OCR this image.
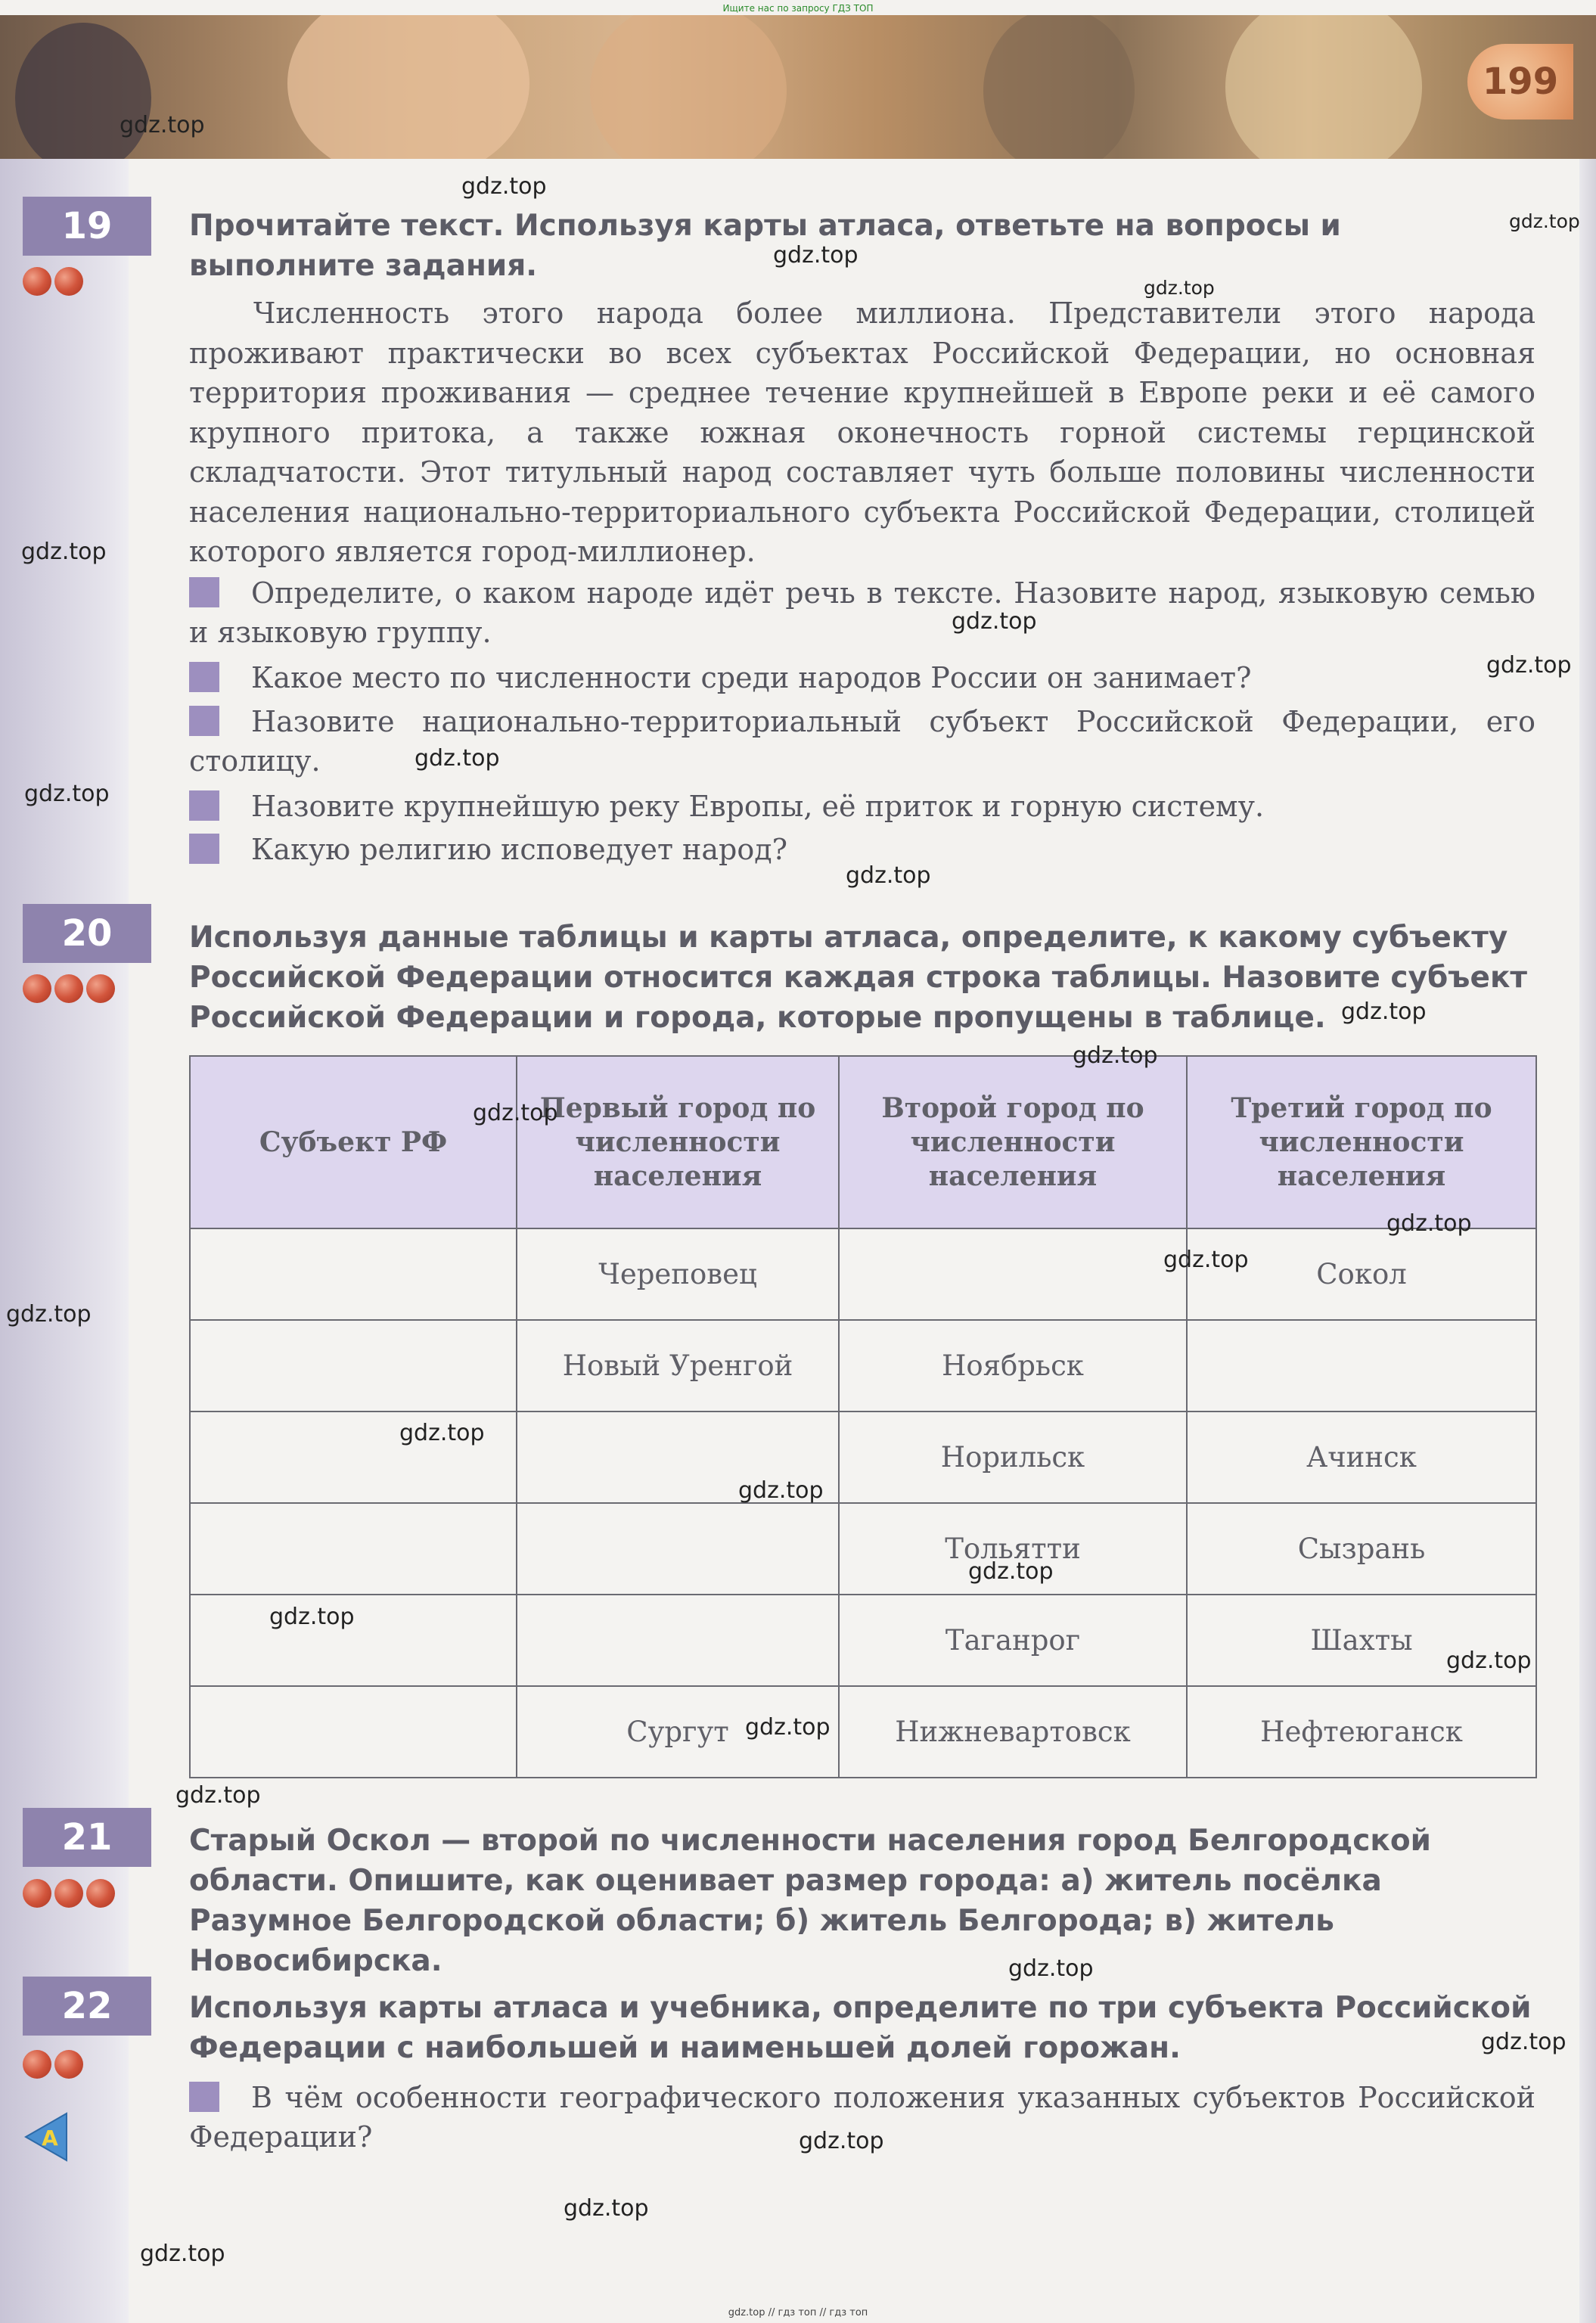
Ищите нас по запросу ГДЗ ТОП
199
19	Прочитайте текст. Используя карты атласа, ответьте на вопросы и выполните задания.

Численность этого народа более миллиона. Представители этого народа проживают практически во всех субъектах Российской Федерации, но основная территория проживания — среднее течение крупнейшей в Европе реки и её самого крупного притока, а также южная оконечность горной системы герцинской складчатости. Этот титульный народ составляет чуть больше половины численности населения национально-территориального субъекта Российской Федерации, столицей которого является город-миллионер.

Определите, о каком народе идёт речь в тексте. Назовите народ, языковую семью и языковую группу.

Какое место по численности среди народов России он занимает?

Назовите национально-территориальный субъект Российской Федерации, его столицу.

Назовите крупнейшую реку Европы, её приток и горную систему.

Какую религию исповедует народ?

20	Используя данные таблицы и карты атласа, определите, к какому субъекту Российской Федерации относится каждая строка таблицы. Назовите субъект Российской Федерации и города, которые пропущены в таблице.
Субъект РФ	Первый город по численности населения	Второй город по численности населения	Третий город по численности населения
	Череповец		Сокол
	Новый Уренгой	Ноябрьск	
		Норильск	Ачинск
		Тольятти	Сызрань
		Таганрог	Шахты
	Сургут	Нижневартовск	Нефтеюганск
21	Старый Оскол — второй по численности населения город Белгородской области. Опишите, как оценивает размер города: а) житель посёлка Разумное Белгородской области; б) житель Белгорода; в) житель Новосибирска.
22	Используя карты атласа и учебника, определите по три субъекта Российской Федерации с наибольшей и наименьшей долей горожан.

В чём особенности географического положения указанных субъектов Российской Федерации?

A
gdz.top
gdz.top
gdz.top
gdz.top
gdz.top
gdz.top
gdz.top
gdz.top
gdz.top
gdz.top
gdz.top
gdz.top
gdz.top
gdz.top
gdz.top
gdz.top
gdz.top
gdz.top
gdz.top
gdz.top
gdz.top
gdz.top
gdz.top
gdz.top
gdz.top
gdz.top
gdz.top
gdz.top
gdz.top
gdz.top // гдз топ // гдз топ
